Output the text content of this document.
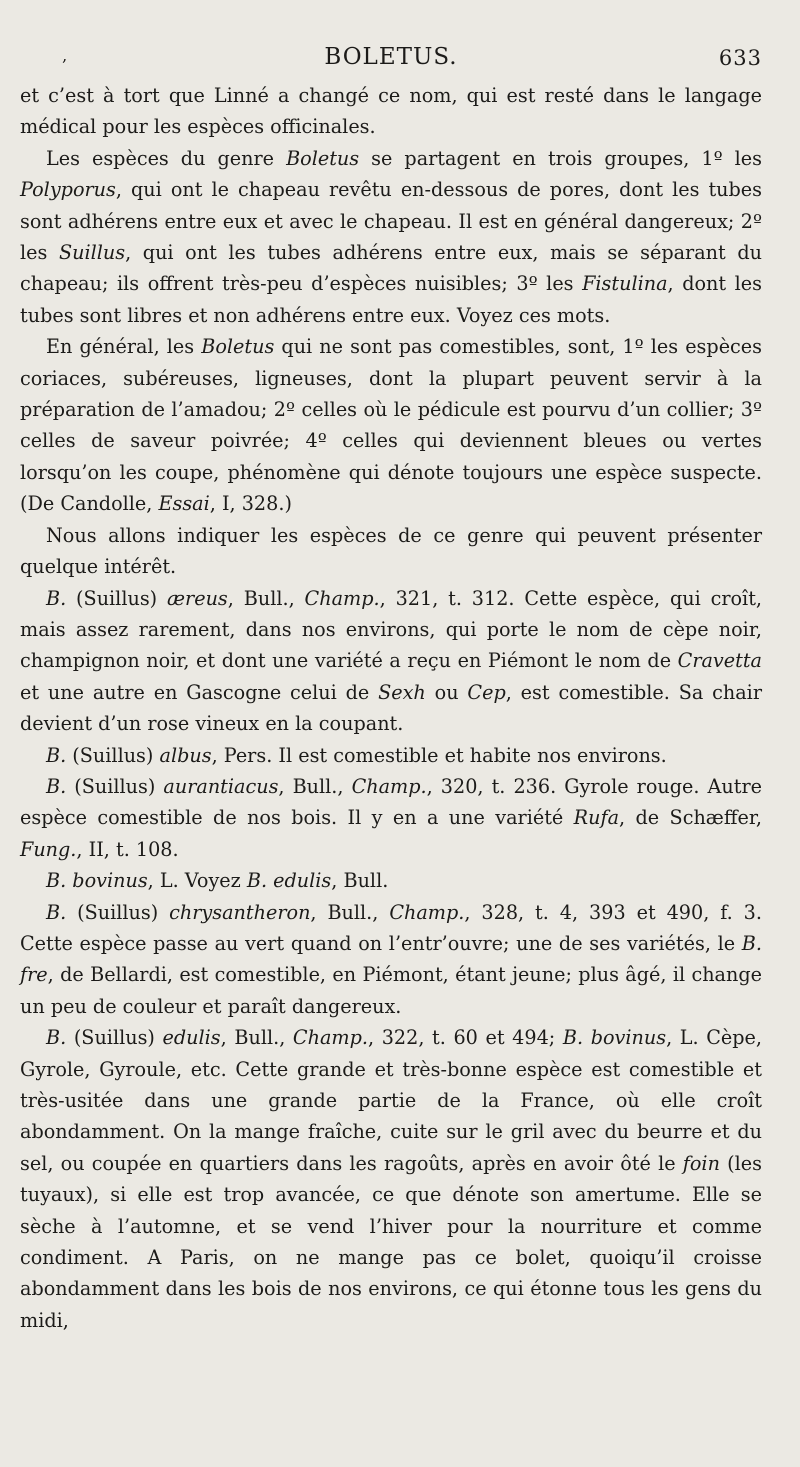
‚	BOLETUS.	633

et c’est à tort que Linné a changé ce nom, qui est resté dans le langage médical pour les espèces officinales.

Les espèces du genre Boletus se partagent en trois groupes, 1º les Polyporus, qui ont le chapeau revêtu en-dessous de pores, dont les tubes sont adhérens entre eux et avec le chapeau. Il est en général dangereux; 2º les Suillus, qui ont les tubes adhérens entre eux, mais se séparant du chapeau; ils offrent très-peu d’espèces nuisibles; 3º les Fistulina, dont les tubes sont libres et non adhérens entre eux. Voyez ces mots.

En général, les Boletus qui ne sont pas comestibles, sont, 1º les espèces coriaces, subéreuses, ligneuses, dont la plupart peuvent servir à la préparation de l’amadou; 2º celles où le pédicule est pourvu d’un collier; 3º celles de saveur poivrée; 4º celles qui deviennent bleues ou vertes lorsqu’on les coupe, phénomène qui dénote toujours une espèce suspecte. (De Candolle, Essai, I, 328.)

Nous allons indiquer les espèces de ce genre qui peuvent présenter quelque intérêt.

B. (Suillus) æreus, Bull., Champ., 321, t. 312. Cette espèce, qui croît, mais assez rarement, dans nos environs, qui porte le nom de cèpe noir, champignon noir, et dont une variété a reçu en Piémont le nom de Cravetta et une autre en Gascogne celui de Sexh ou Cep, est comestible. Sa chair devient d’un rose vineux en la coupant.

B. (Suillus) albus, Pers. Il est comestible et habite nos environs.

B. (Suillus) aurantiacus, Bull., Champ., 320, t. 236. Gyrole rouge. Autre espèce comestible de nos bois. Il y en a une variété Rufa, de Schæffer, Fung., II, t. 108.

B. bovinus, L. Voyez B. edulis, Bull.

B. (Suillus) chrysantheron, Bull., Champ., 328, t. 4, 393 et 490, f. 3. Cette espèce passe au vert quand on l’entr’ouvre; une de ses variétés, le B. fre, de Bellardi, est comestible, en Piémont, étant jeune; plus âgé, il change un peu de couleur et paraît dangereux.

B. (Suillus) edulis, Bull., Champ., 322, t. 60 et 494; B. bovinus, L. Cèpe, Gyrole, Gyroule, etc. Cette grande et très-bonne espèce est comestible et très-usitée dans une grande partie de la France, où elle croît abondamment. On la mange fraîche, cuite sur le gril avec du beurre et du sel, ou coupée en quartiers dans les ragoûts, après en avoir ôté le foin (les tuyaux), si elle est trop avancée, ce que dénote son amertume. Elle se sèche à l’automne, et se vend l’hiver pour la nourriture et comme condiment. A Paris, on ne mange pas ce bolet, quoiqu’il croisse abondamment dans les bois de nos environs, ce qui étonne tous les gens du midi,
